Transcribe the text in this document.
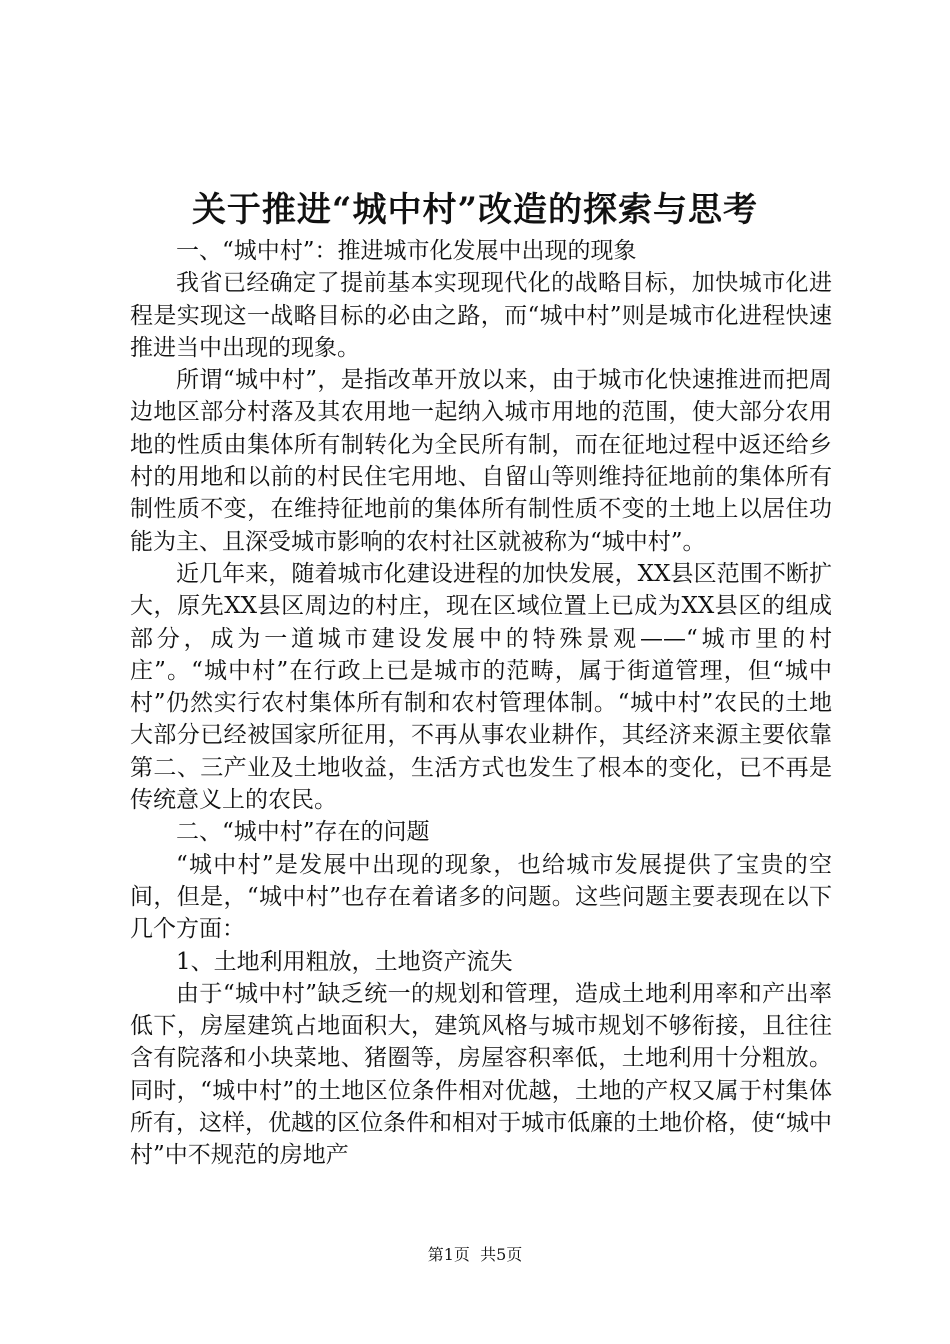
关于推进“城中村”改造的探索与思考

一、“城中村”：推进城市化发展中出现的现象

我省已经确定了提前基本实现现代化的战略目标，加快城市化进程是实现这一战略目标的必由之路，而“城中村”则是城市化进程快速推进当中出现的现象。

所谓“城中村”，是指改革开放以来，由于城市化快速推进而把周边地区部分村落及其农用地一起纳入城市用地的范围，使大部分农用地的性质由集体所有制转化为全民所有制，而在征地过程中返还给乡村的用地和以前的村民住宅用地、自留山等则维持征地前的集体所有制性质不变，在维持征地前的集体所有制性质不变的土地上以居住功能为主、且深受城市影响的农村社区就被称为“城中村”。

近几年来，随着城市化建设进程的加快发展，XX县区范围不断扩大，原先XX县区周边的村庄，现在区域位置上已成为XX县区的组成部分，成为一道城市建设发展中的特殊景观——“城市里的村庄”。“城中村”在行政上已是城市的范畴，属于街道管理，但“城中村”仍然实行农村集体所有制和农村管理体制。“城中村”农民的土地大部分已经被国家所征用，不再从事农业耕作，其经济来源主要依靠第二、三产业及土地收益，生活方式也发生了根本的变化，已不再是传统意义上的农民。

二、“城中村”存在的问题

“城中村”是发展中出现的现象，也给城市发展提供了宝贵的空间，但是，“城中村”也存在着诸多的问题。这些问题主要表现在以下几个方面：

1、土地利用粗放，土地资产流失

由于“城中村”缺乏统一的规划和管理，造成土地利用率和产出率低下，房屋建筑占地面积大，建筑风格与城市规划不够衔接，且往往含有院落和小块菜地、猪圈等，房屋容积率低，土地利用十分粗放。同时，“城中村”的土地区位条件相对优越，土地的产权又属于村集体所有，这样，优越的区位条件和相对于城市低廉的土地价格，使“城中村”中不规范的房地产

第1页 共5页
